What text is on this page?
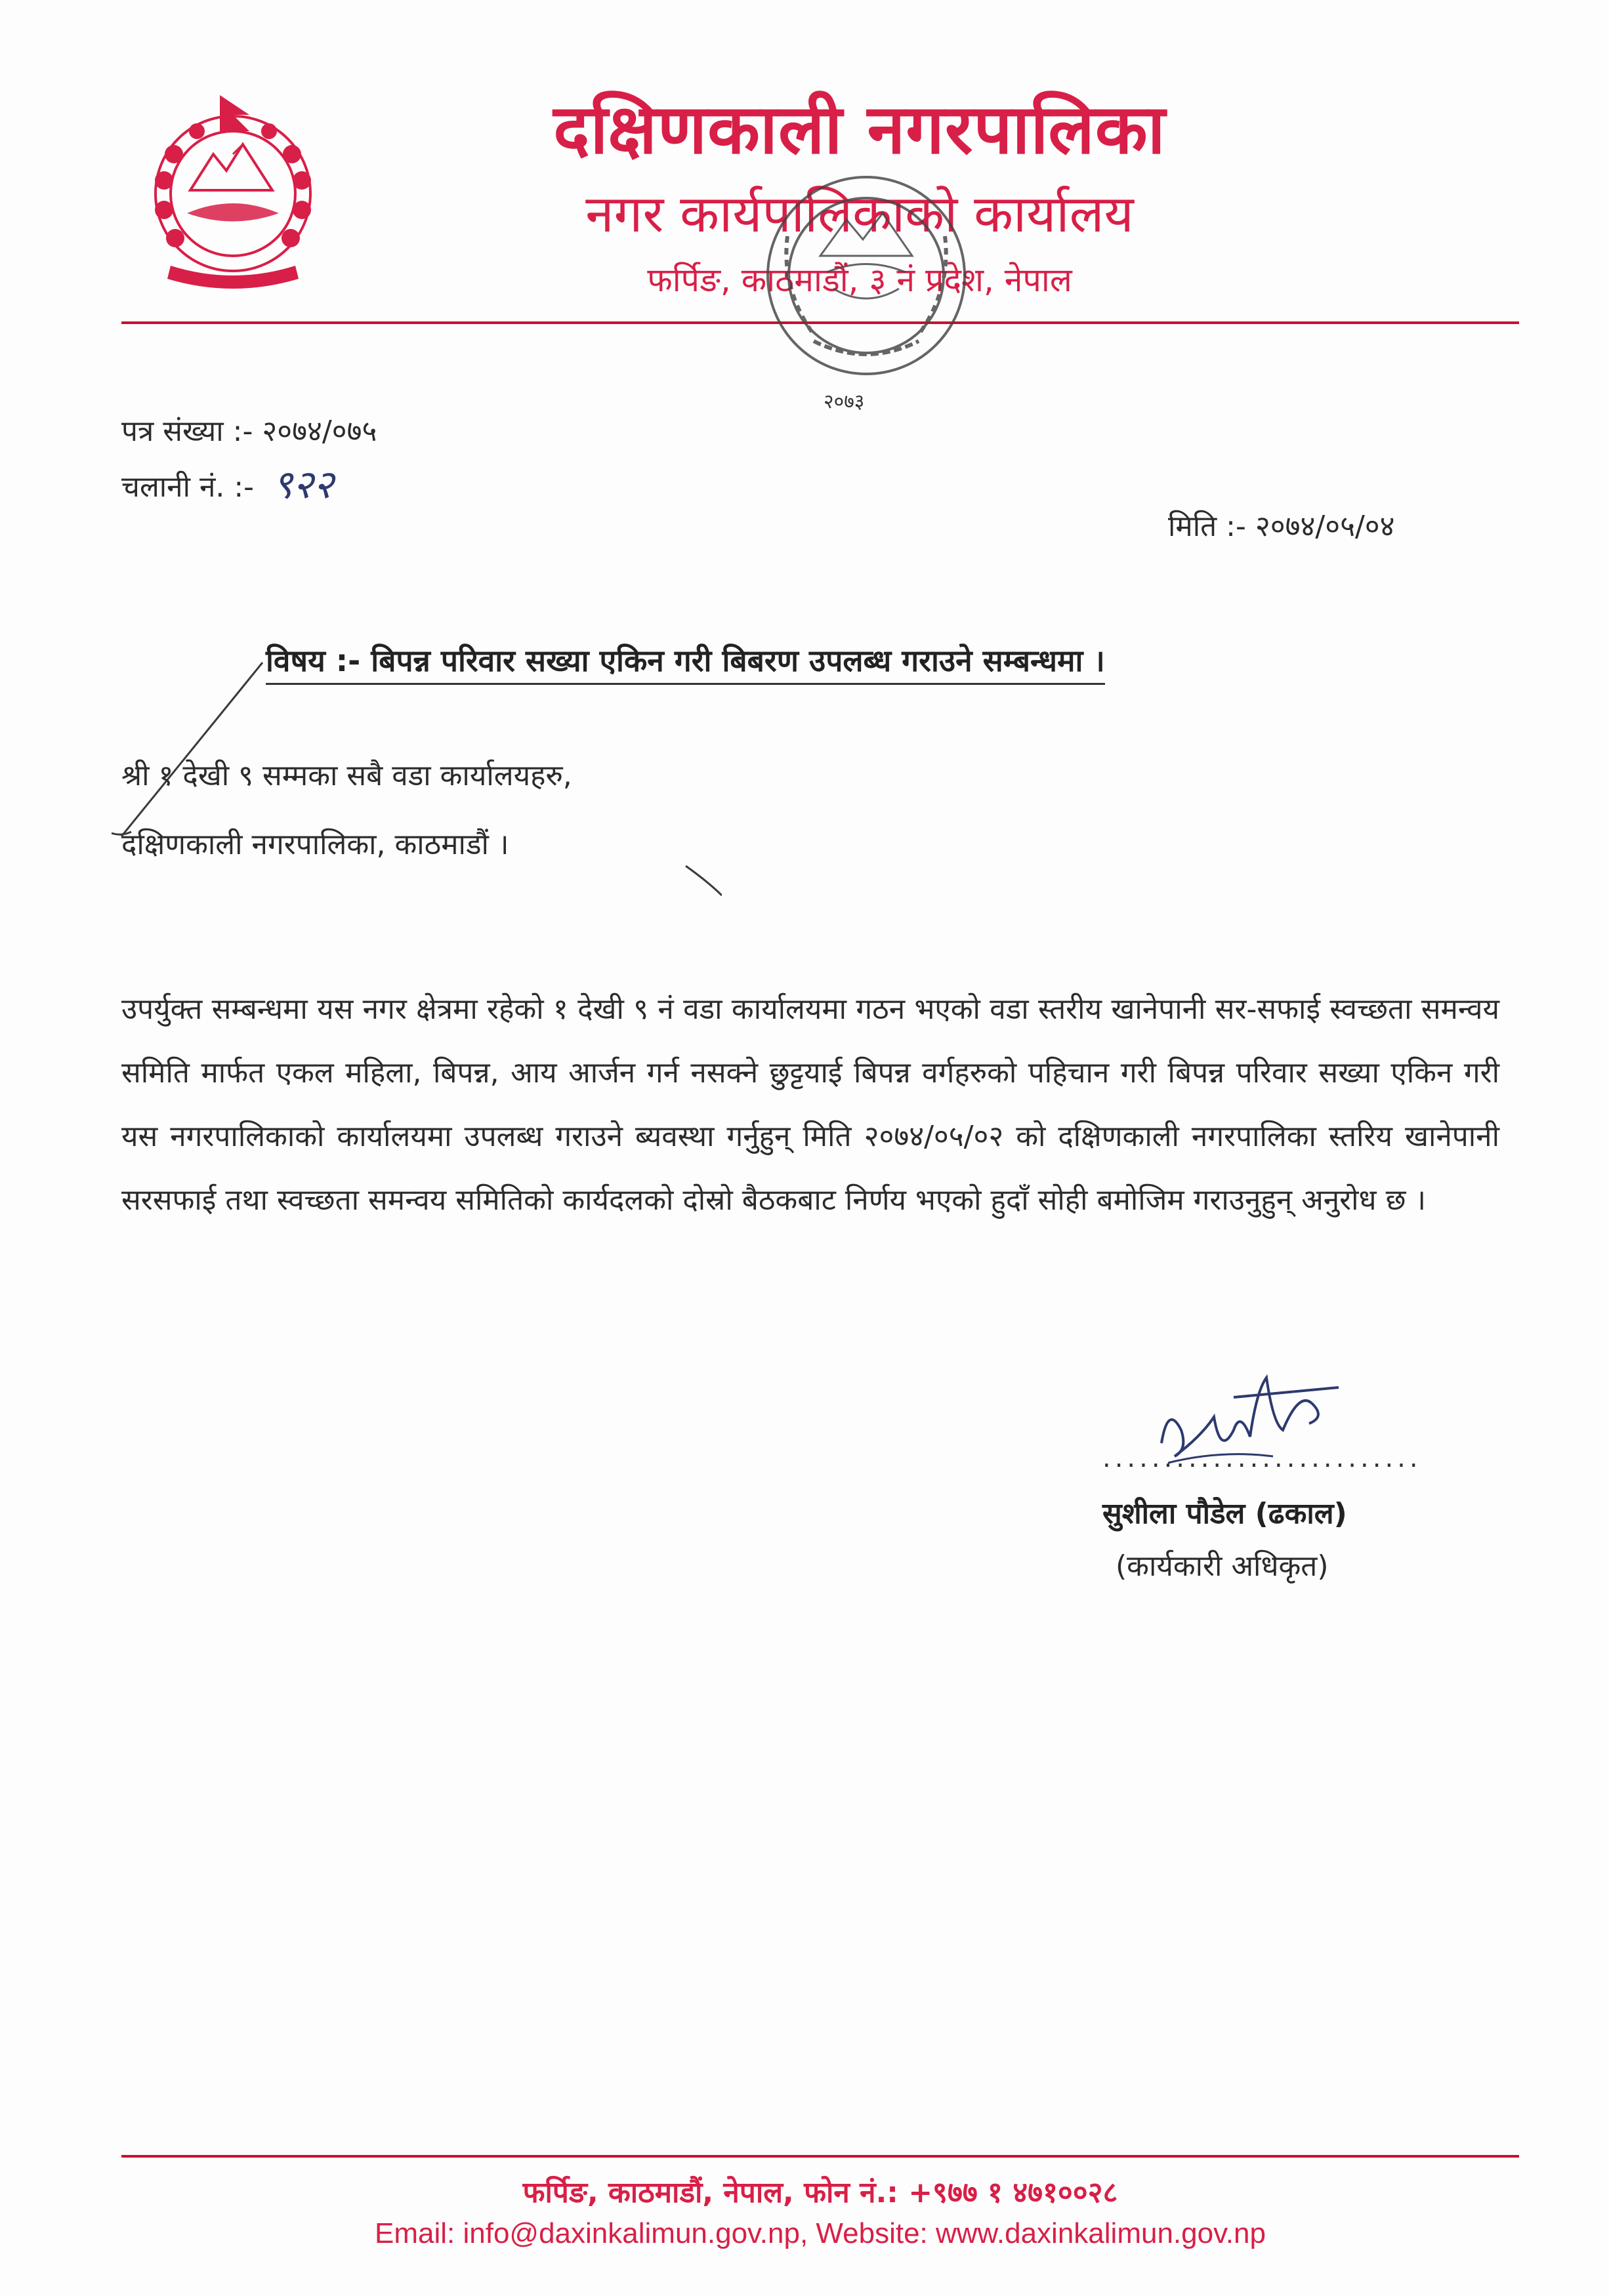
दक्षिणकाली नगरपालिका
नगर कार्यपालिकाको कार्यालय
फर्पिङ, काठमाडौं, ३ नं प्रदेश, नेपाल
२०७३
पत्र संख्या :- २०७४/०७५
चलानी नं. :- ९२२
मिति :- २०७४/०५/०४
विषय :- बिपन्न परिवार सख्या एकिन गरी बिबरण उपलब्ध गराउने सम्बन्धमा ।
श्री १ देखी ९ सम्मका सबै वडा कार्यालयहरु,
दक्षिणकाली नगरपालिका, काठमाडौं ।
उपर्युक्त सम्बन्धमा यस नगर क्षेत्रमा रहेको १ देखी ९ नं वडा कार्यालयमा गठन भएको वडा स्तरीय खानेपानी सर-सफाई स्वच्छता समन्वय समिति मार्फत एकल महिला, बिपन्न, आय आर्जन गर्न नसक्ने छुट्टयाई बिपन्न वर्गहरुको पहिचान गरी बिपन्न परिवार सख्या एकिन गरी यस नगरपालिकाको कार्यालयमा उपलब्ध गराउने ब्यवस्था गर्नुहुन् मिति २०७४/०५/०२ को दक्षिणकाली नगरपालिका स्तरिय खानेपानी सरसफाई तथा स्वच्छता समन्वय समितिको कार्यदलको दोस्रो बैठकबाट निर्णय भएको हुदाँ सोही बमोजिम गराउनुहुन् अनुरोध छ ।
..........................
सुशीला पौडेल (ढकाल)
(कार्यकारी अधिकृत)
फर्पिङ, काठमाडौं, नेपाल, फोन नं.: +९७७ १ ४७१००२८
Email: info@daxinkalimun.gov.np, Website: www.daxinkalimun.gov.np
